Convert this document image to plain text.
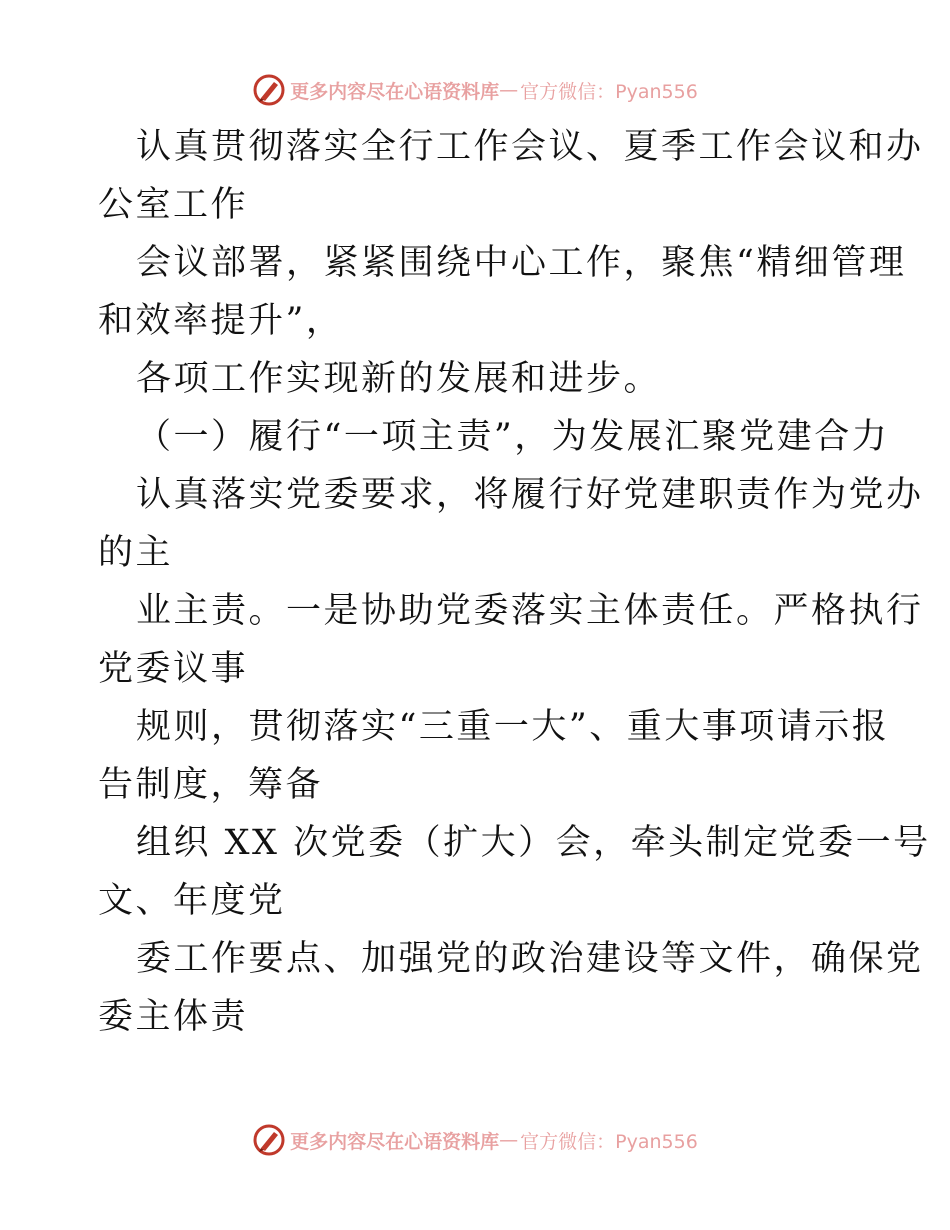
更多内容尽在心语资料库 — 官方微信：Pyan556
认真贯彻落实全行工作会议、夏季工作会议和办
公室工作
会议部署，紧紧围绕中心工作，聚焦“精细管理
和效率提升”，
各项工作实现新的发展和进步。
（一）履行“一项主责”，为发展汇聚党建合力
认真落实党委要求，将履行好党建职责作为党办
的主
业主责。一是协助党委落实主体责任。严格执行
党委议事
规则，贯彻落实“三重一大”、重大事项请示报
告制度，筹备
组织 XX 次党委（扩大）会，牵头制定党委一号
文、年度党
委工作要点、加强党的政治建设等文件，确保党
委主体责
更多内容尽在心语资料库 — 官方微信：Pyan556
